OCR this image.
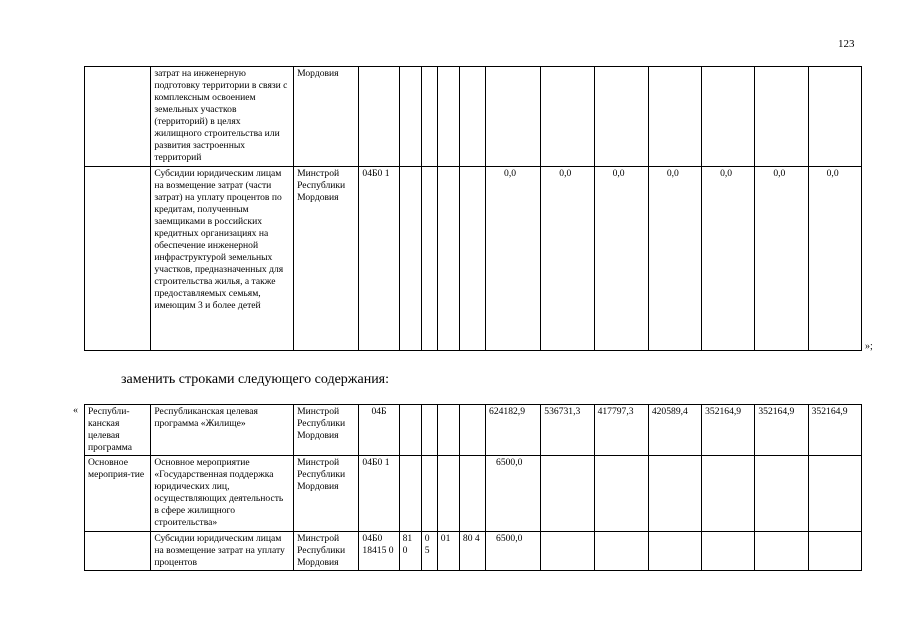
123
	затрат на инженерную подготовку территории в связи с комплексным освоением земельных участков (территорий) в целях жилищного строительства или развития застроенных территорий	Мордовия												
	Субсидии юридическим лицам на возмещение затрат (части затрат) на уплату процентов по кредитам, полученным заемщиками в российских кредитных организациях на обеспечение инженерной инфраструктурой земельных участков, предназначенных для строительства жилья, а также предоставляемых семьям, имеющим 3 и более детей	Минстрой Республики Мордовия	04Б0 1					0,0	0,0	0,0	0,0	0,0	0,0	0,0
»;
заменить строками следующего содержания:
« Республи-канская целевая программа	Республиканская целевая программа «Жилище»	Минстрой Республики Мордовия	04Б					624182,9	536731,3	417797,3	420589,4	352164,9	352164,9	352164,9
Основное мероприя-тие	Основное мероприятие «Государственная поддержка юридических лиц, осуществляющих деятельность в сфере жилищного строительства»	Минстрой Республики Мордовия	04Б0 1					6500,0						
	Субсидии юридическим лицам на возмещение затрат на уплату процентов	Минстрой Республики Мордовия	04Б0 18415 0	81 0	0 5	01	80 4	6500,0						
